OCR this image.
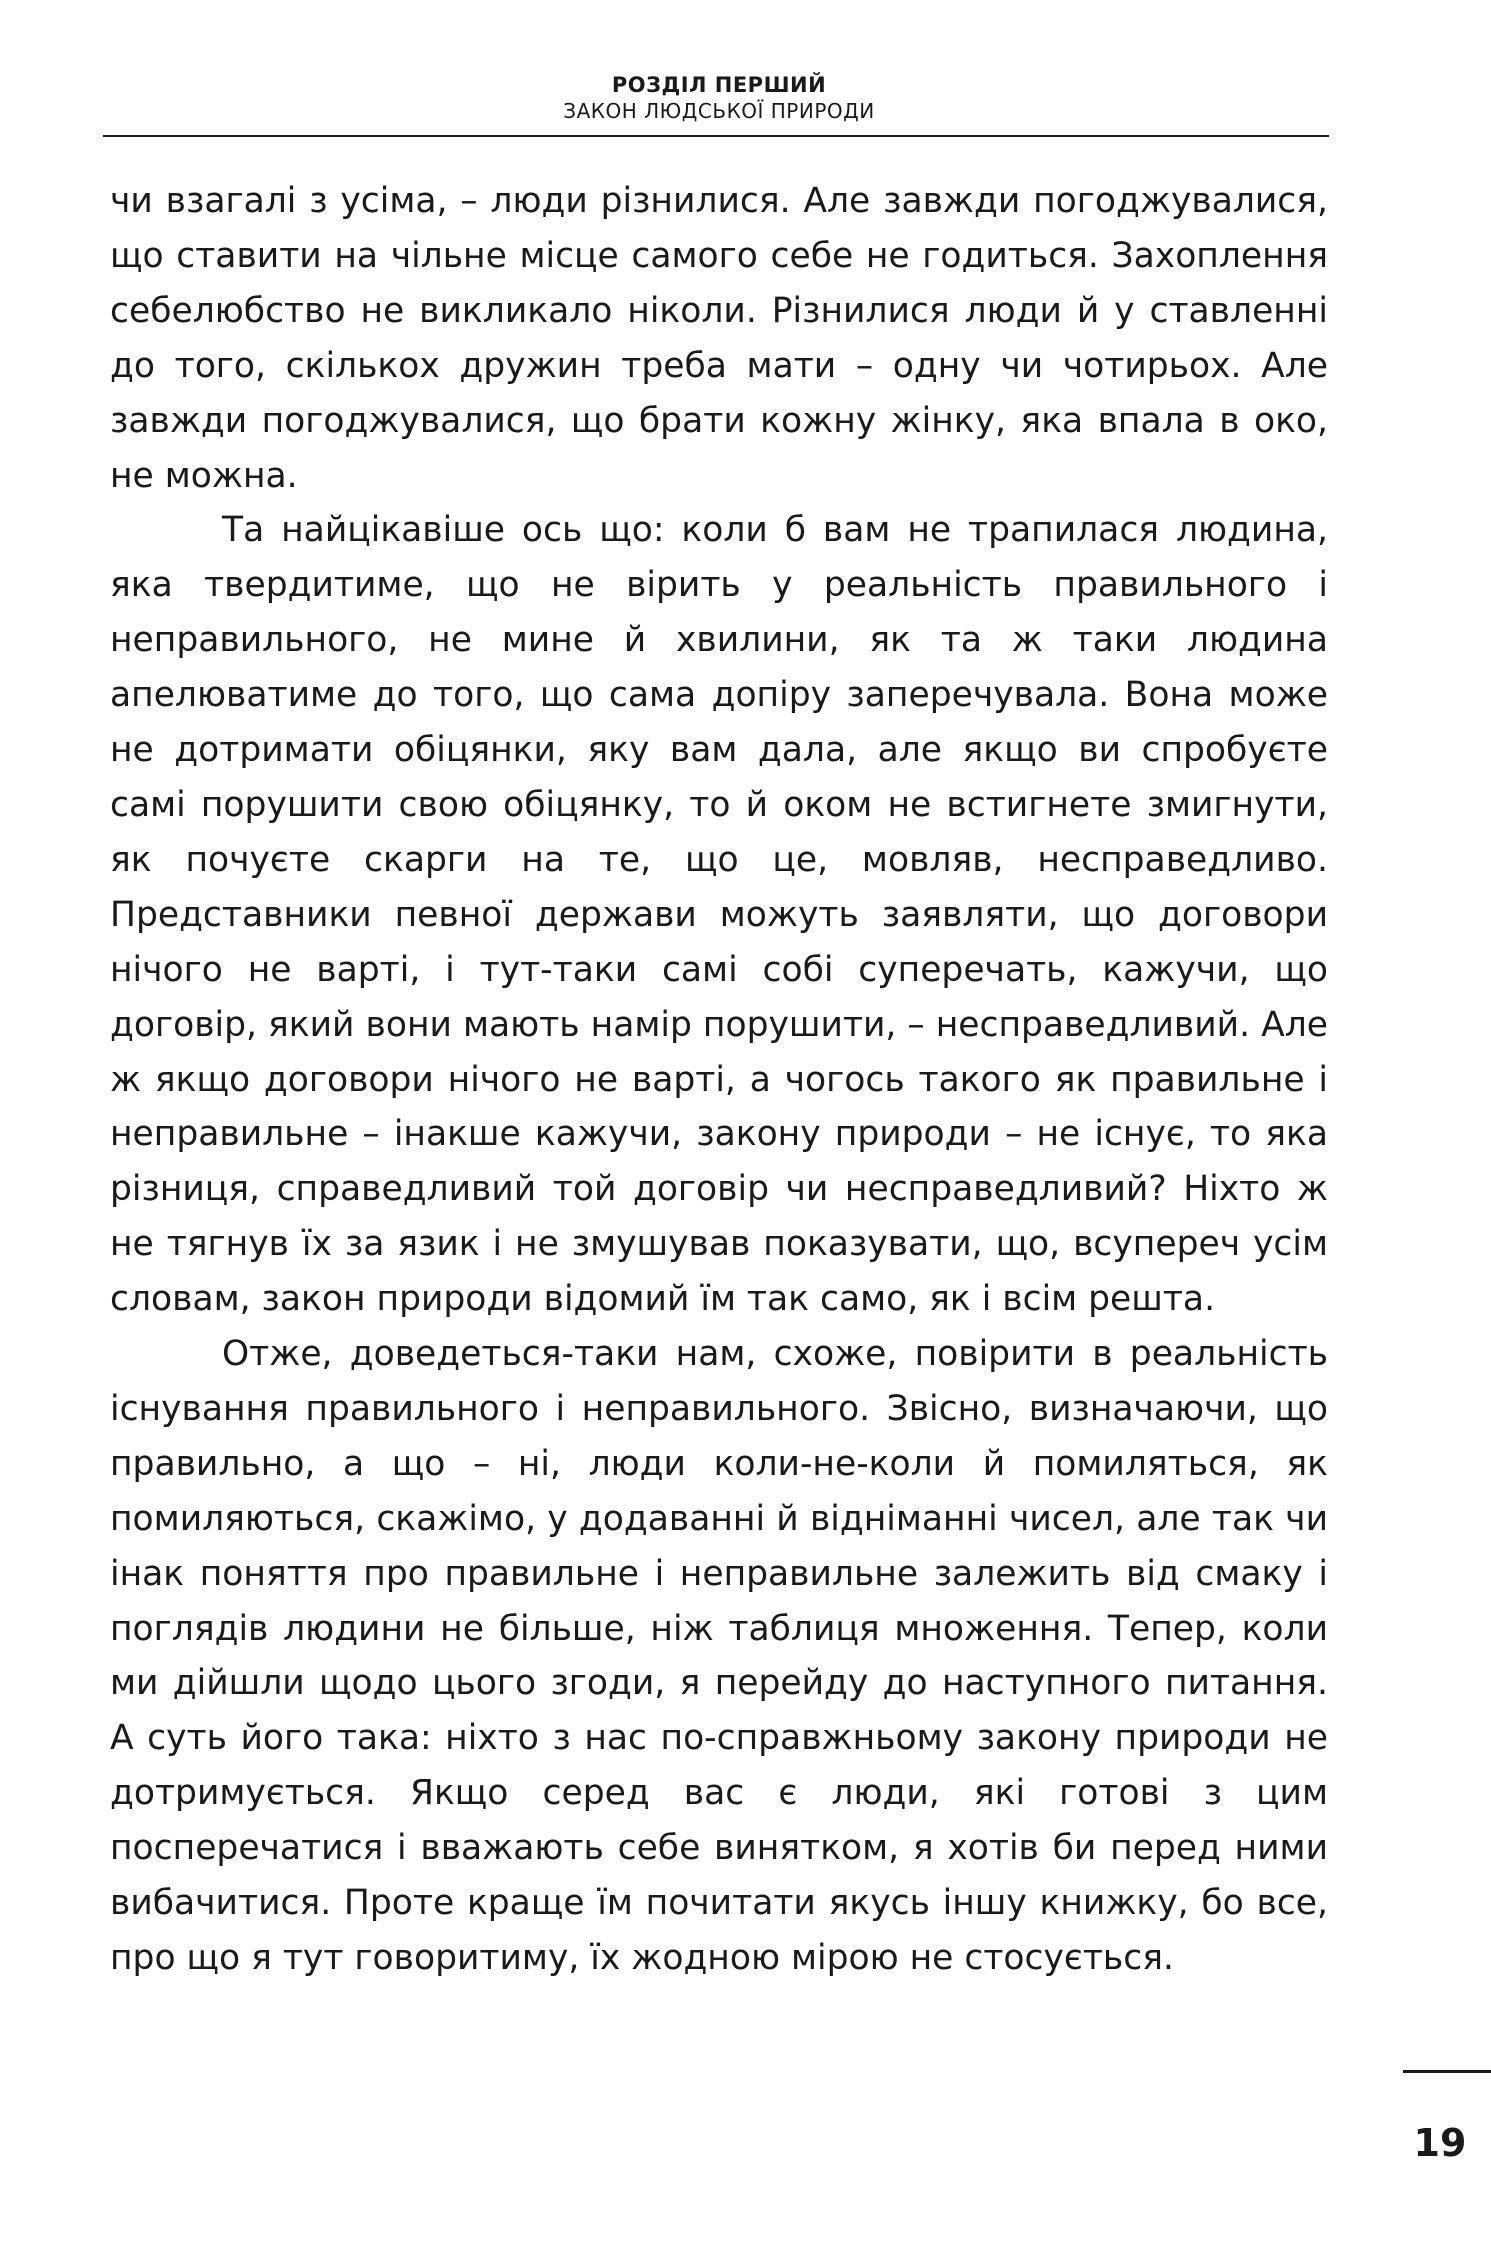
РОЗДІЛ ПЕРШИЙ
ЗАКОН ЛЮДСЬКОЇ ПРИРОДИ

чи взагалі з усіма, – люди різнилися. Але завжди погоджувалися, що ставити на чільне місце самого себе не годиться. Захоплення себелюбство не викликало ніколи. Різнилися люди й у ставленні до того, скількох дружин треба мати – одну чи чотирьох. Але завжди погоджувалися, що брати кожну жінку, яка впала в око, не можна.

Та найцікавіше ось що: коли б вам не трапилася людина, яка твердитиме, що не вірить у реальність правильного і неправильного, не мине й хвилини, як та ж таки людина апелюватиме до того, що сама допіру заперечувала. Вона може не дотримати обіцянки, яку вам дала, але якщо ви спробуєте самі порушити свою обіцянку, то й оком не встигнете змигнути, як почуєте скарги на те, що це, мовляв, несправедливо. Представники певної держави можуть заявляти, що договори нічого не варті, і тут-таки самі собі суперечать, кажучи, що договір, який вони мають намір порушити, – несправедливий. Але ж якщо договори нічого не варті, а чогось такого як правильне і неправильне – інакше кажучи, закону природи – не існує, то яка різниця, справедливий той договір чи несправедливий? Ніхто ж не тягнув їх за язик і не змушував показувати, що, всупереч усім словам, закон природи відомий їм так само, як і всім решта.

Отже, доведеться-таки нам, схоже, повірити в реальність існування правильного і неправильного. Звісно, визначаючи, що правильно, а що – ні, люди коли-не-коли й помиляться, як помиляються, скажімо, у додаванні й відніманні чисел, але так чи інак поняття про правильне і неправильне залежить від смаку і поглядів людини не більше, ніж таблиця множення. Тепер, коли ми дійшли щодо цього згоди, я перейду до наступного питання. А суть його така: ніхто з нас по-справжньому закону природи не дотримується. Якщо серед вас є люди, які готові з цим посперечатися і вважають себе винятком, я хотів би перед ними вибачитися. Проте краще їм почитати якусь іншу книжку, бо все, про що я тут говоритиму, їх жодною мірою не стосується.

19
